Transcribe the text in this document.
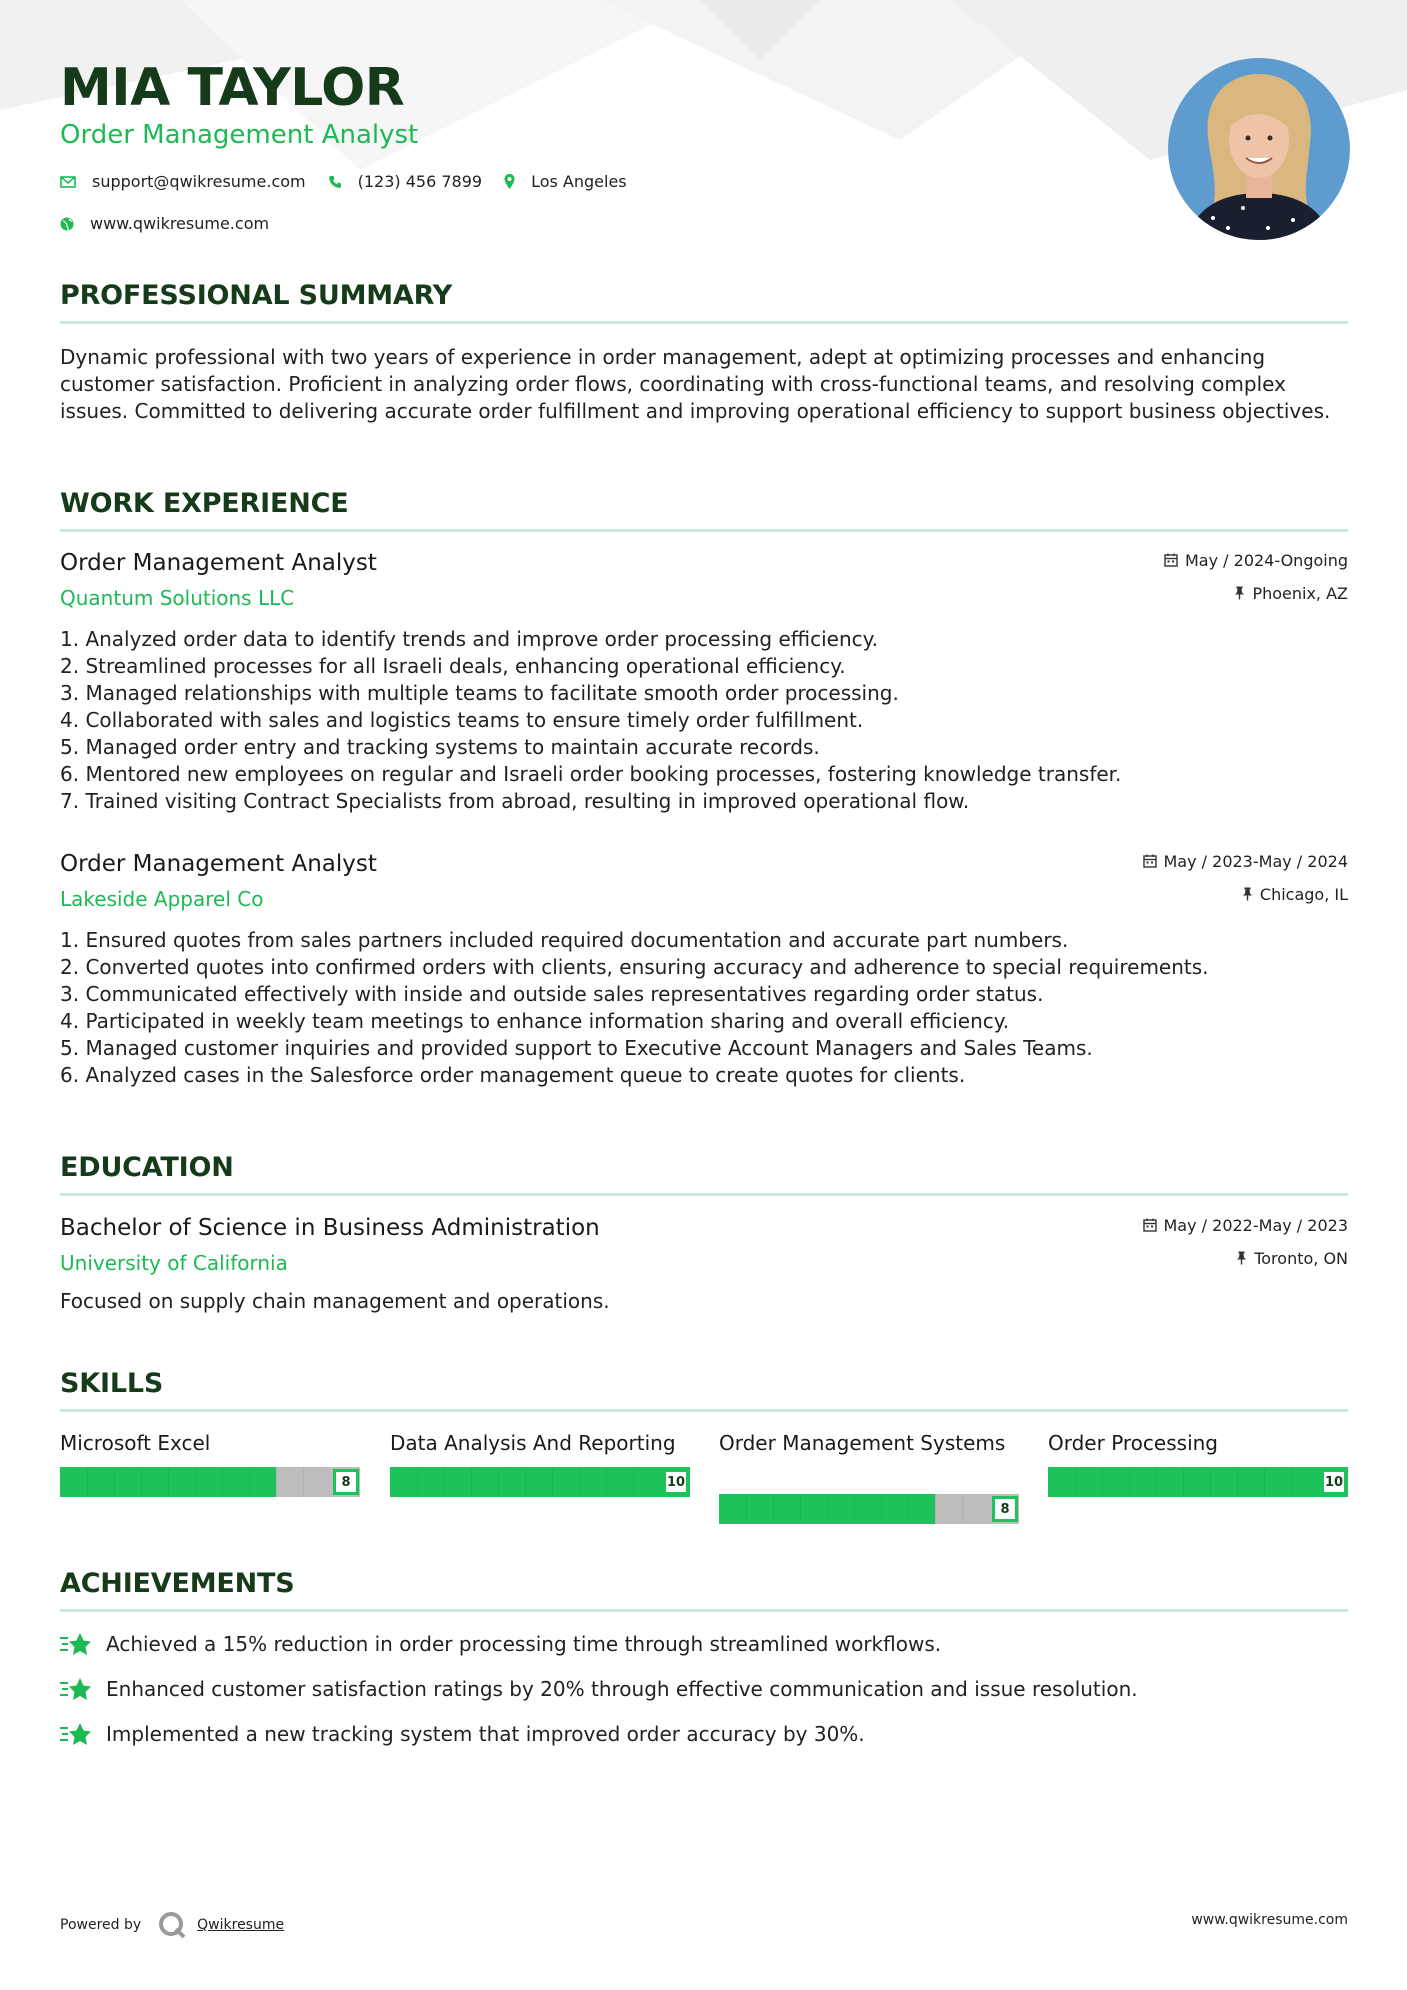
MIA TAYLOR
Order Management Analyst
support@qwikresume.com	(123) 456 7899	Los Angeles
www.qwikresume.com
PROFESSIONAL SUMMARY
Dynamic professional with two years of experience in order management, adept at optimizing processes and enhancing customer satisfaction. Proficient in analyzing order flows, coordinating with cross-functional teams, and resolving complex issues. Committed to delivering accurate order fulfillment and improving operational efficiency to support business objectives.
WORK EXPERIENCE
Order Management Analyst
Quantum Solutions LLC
May / 2024-Ongoing
Phoenix, AZ
1. Analyzed order data to identify trends and improve order processing efficiency.
2. Streamlined processes for all Israeli deals, enhancing operational efficiency.
3. Managed relationships with multiple teams to facilitate smooth order processing.
4. Collaborated with sales and logistics teams to ensure timely order fulfillment.
5. Managed order entry and tracking systems to maintain accurate records.
6. Mentored new employees on regular and Israeli order booking processes, fostering knowledge transfer.
7. Trained visiting Contract Specialists from abroad, resulting in improved operational flow.
Order Management Analyst
Lakeside Apparel Co
May / 2023-May / 2024
Chicago, IL
1. Ensured quotes from sales partners included required documentation and accurate part numbers.
2. Converted quotes into confirmed orders with clients, ensuring accuracy and adherence to special requirements.
3. Communicated effectively with inside and outside sales representatives regarding order status.
4. Participated in weekly team meetings to enhance information sharing and overall efficiency.
5. Managed customer inquiries and provided support to Executive Account Managers and Sales Teams.
6. Analyzed cases in the Salesforce order management queue to create quotes for clients.
EDUCATION
Bachelor of Science in Business Administration
University of California
May / 2022-May / 2023
Toronto, ON
Focused on supply chain management and operations.
SKILLS
Microsoft Excel
8
Data Analysis And Reporting
10
Order Management Systems
8
Order Processing
10
ACHIEVEMENTS
Achieved a 15% reduction in order processing time through streamlined workflows.
Enhanced customer satisfaction ratings by 20% through effective communication and issue resolution.
Implemented a new tracking system that improved order accuracy by 30%.
Powered by	Qwikresume	www.qwikresume.com
